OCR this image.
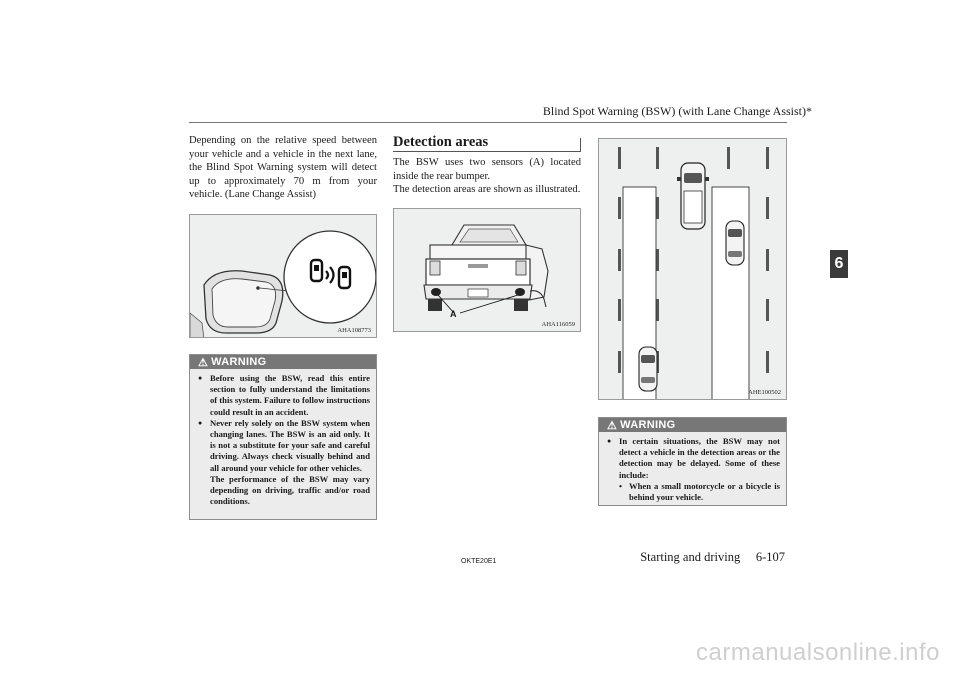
Blind Spot Warning (BSW) (with Lane Change Assist)*
6

Depending on the relative speed between your vehicle and a vehicle in the next lane, the Blind Spot Warning system will detect up to approximately 70 m from your vehicle. (Lane Change Assist)

AHA108773
⚠ WARNING
● Before using the BSW, read this entire section to fully understand the limitations of this system. Failure to follow instructions could result in an accident.

● Never rely solely on the BSW system when changing lanes. The BSW is an aid only. It is not a substitute for your safe and careful driving. Always check visually behind and all around your vehicle for other vehicles.

The performance of the BSW may vary depending on driving, traffic and/or road conditions.

Detection areas

The BSW uses two sensors (A) located inside the rear bumper.

The detection areas are shown as illustrated.

A
AHA116059
AHE100502
⚠ WARNING
● In certain situations, the BSW may not detect a vehicle in the detection areas or the detection may be delayed. Some of these include:

• When a small motorcycle or a bicycle is behind your vehicle.
OKTE20E1	Starting and driving     6-107
carmanualsonline.info
